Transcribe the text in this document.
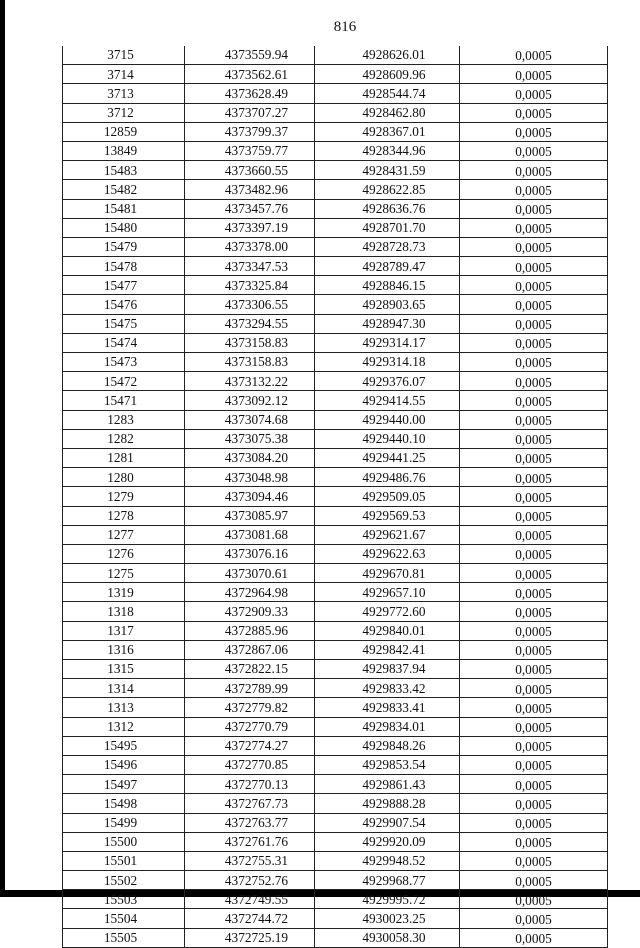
816
3715	4373559.94	4928626.01	0,0005
3714	4373562.61	4928609.96	0,0005
3713	4373628.49	4928544.74	0,0005
3712	4373707.27	4928462.80	0,0005
12859	4373799.37	4928367.01	0,0005
13849	4373759.77	4928344.96	0,0005
15483	4373660.55	4928431.59	0,0005
15482	4373482.96	4928622.85	0,0005
15481	4373457.76	4928636.76	0,0005
15480	4373397.19	4928701.70	0,0005
15479	4373378.00	4928728.73	0,0005
15478	4373347.53	4928789.47	0,0005
15477	4373325.84	4928846.15	0,0005
15476	4373306.55	4928903.65	0,0005
15475	4373294.55	4928947.30	0,0005
15474	4373158.83	4929314.17	0,0005
15473	4373158.83	4929314.18	0,0005
15472	4373132.22	4929376.07	0,0005
15471	4373092.12	4929414.55	0,0005
1283	4373074.68	4929440.00	0,0005
1282	4373075.38	4929440.10	0,0005
1281	4373084.20	4929441.25	0,0005
1280	4373048.98	4929486.76	0,0005
1279	4373094.46	4929509.05	0,0005
1278	4373085.97	4929569.53	0,0005
1277	4373081.68	4929621.67	0,0005
1276	4373076.16	4929622.63	0,0005
1275	4373070.61	4929670.81	0,0005
1319	4372964.98	4929657.10	0,0005
1318	4372909.33	4929772.60	0,0005
1317	4372885.96	4929840.01	0,0005
1316	4372867.06	4929842.41	0,0005
1315	4372822.15	4929837.94	0,0005
1314	4372789.99	4929833.42	0,0005
1313	4372779.82	4929833.41	0,0005
1312	4372770.79	4929834.01	0,0005
15495	4372774.27	4929848.26	0,0005
15496	4372770.85	4929853.54	0,0005
15497	4372770.13	4929861.43	0,0005
15498	4372767.73	4929888.28	0,0005
15499	4372763.77	4929907.54	0,0005
15500	4372761.76	4929920.09	0,0005
15501	4372755.31	4929948.52	0,0005
15502	4372752.76	4929968.77	0,0005
15503	4372749.55	4929995.72	0,0005
15504	4372744.72	4930023.25	0,0005
15505	4372725.19	4930058.30	0,0005
